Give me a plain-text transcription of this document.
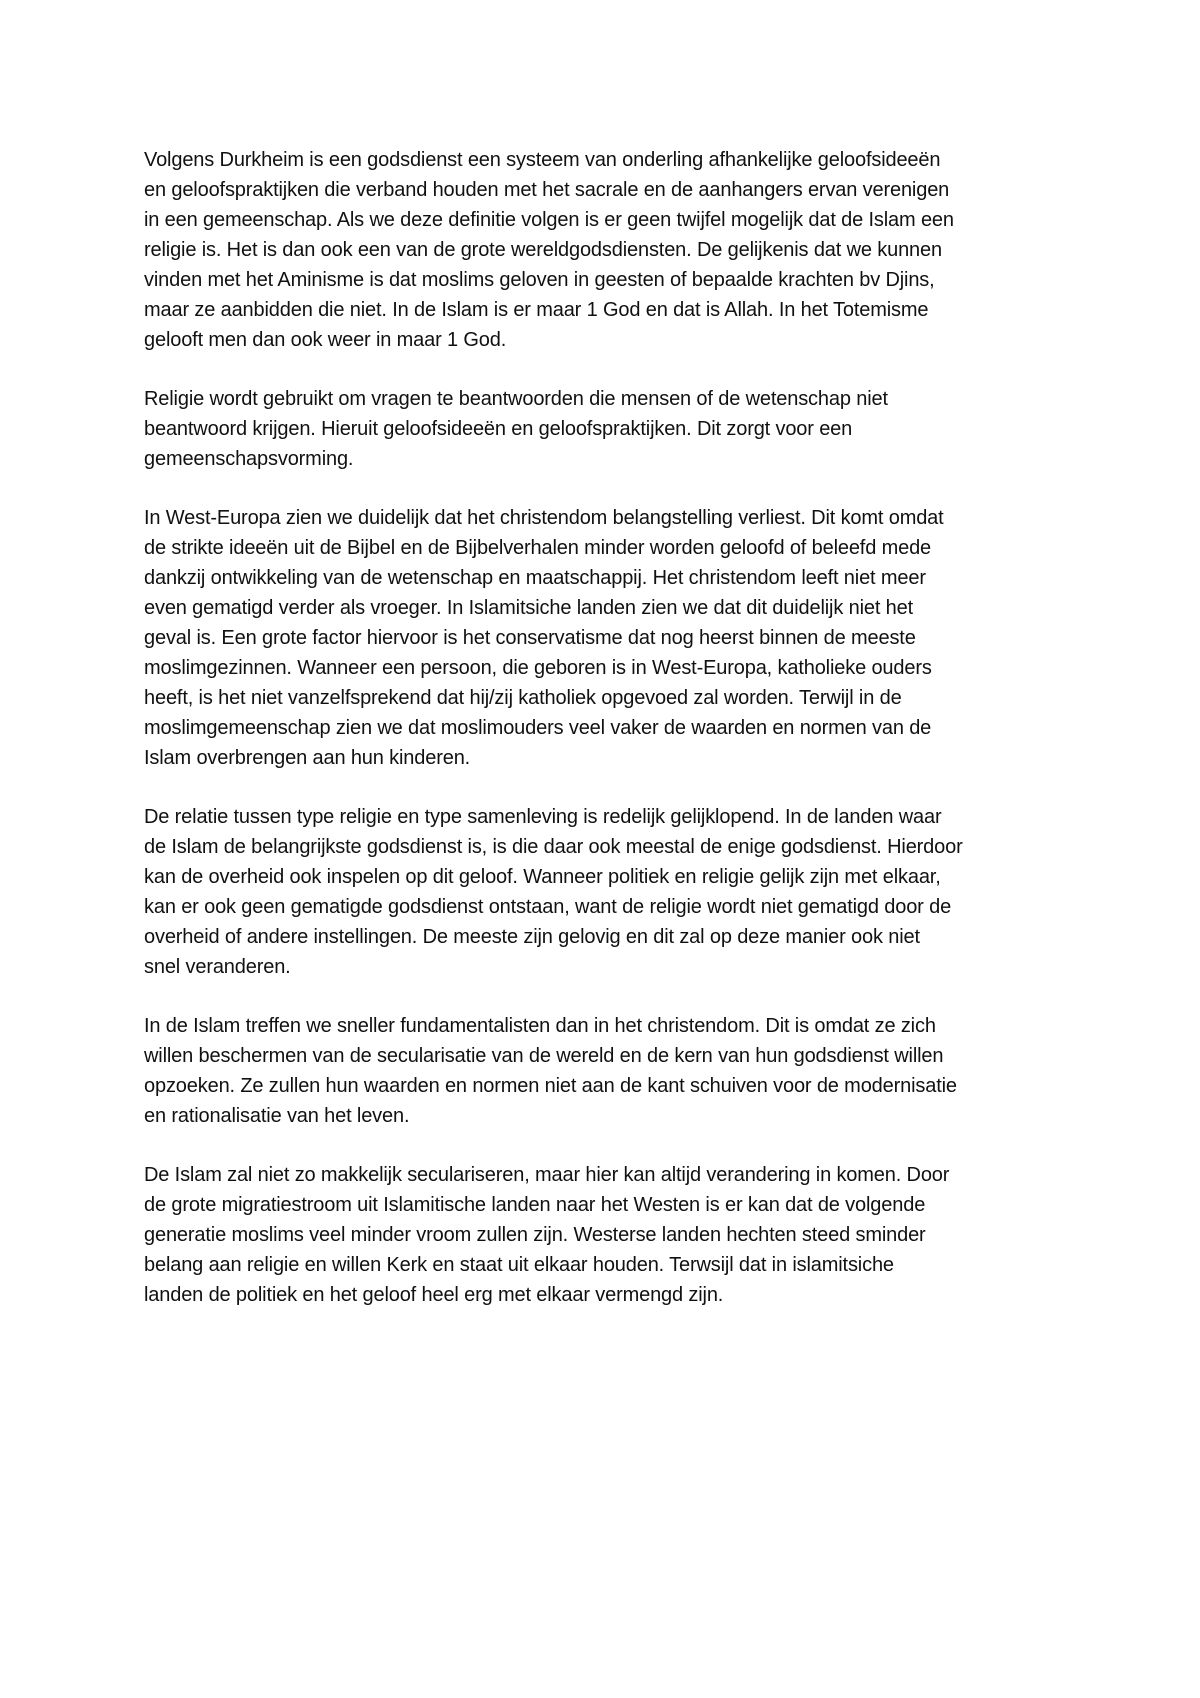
Volgens Durkheim is een godsdienst een systeem van onderling afhankelijke geloofsideeën
en geloofspraktijken die verband houden met het sacrale en de aanhangers ervan verenigen
in een gemeenschap. Als we deze definitie volgen is er geen twijfel mogelijk dat de Islam een
religie is. Het is dan ook een van de grote wereldgodsdiensten. De gelijkenis dat we kunnen
vinden met het Aminisme is dat moslims geloven in geesten of bepaalde krachten bv Djins,
maar ze aanbidden die niet. In de Islam is er maar 1 God en dat is Allah. In het Totemisme
gelooft men dan ook weer in maar 1 God.

Religie wordt gebruikt om vragen te beantwoorden die mensen of de wetenschap niet
beantwoord krijgen. Hieruit geloofsideeën en geloofspraktijken. Dit zorgt voor een
gemeenschapsvorming.

In West-Europa zien we duidelijk dat het christendom belangstelling verliest. Dit komt omdat
de strikte ideeën uit de Bijbel en de Bijbelverhalen minder worden geloofd of beleefd mede
dankzij ontwikkeling van de wetenschap en maatschappij. Het christendom leeft niet meer
even gematigd verder als vroeger. In Islamitsiche landen zien we dat dit duidelijk niet het
geval is. Een grote factor hiervoor is het conservatisme dat nog heerst binnen de meeste
moslimgezinnen. Wanneer een persoon, die geboren is in West-Europa, katholieke ouders
heeft, is het niet vanzelfsprekend dat hij/zij katholiek opgevoed zal worden. Terwijl in de
moslimgemeenschap zien we dat moslimouders veel vaker de waarden en normen van de
Islam overbrengen aan hun kinderen.

De relatie tussen type religie en type samenleving is redelijk gelijklopend. In de landen waar
de Islam de belangrijkste godsdienst is, is die daar ook meestal de enige godsdienst. Hierdoor
kan de overheid ook inspelen op dit geloof. Wanneer politiek en religie gelijk zijn met elkaar,
kan er ook geen gematigde godsdienst ontstaan, want de religie wordt niet gematigd door de
overheid of andere instellingen. De meeste zijn gelovig en dit zal op deze manier ook niet
snel veranderen.

In de Islam treffen we sneller fundamentalisten dan in het christendom. Dit is omdat ze zich
willen beschermen van de secularisatie van de wereld en de kern van hun godsdienst willen
opzoeken. Ze zullen hun waarden en normen niet aan de kant schuiven voor de modernisatie
en rationalisatie van het leven.

De Islam zal niet zo makkelijk seculariseren, maar hier kan altijd verandering in komen. Door
de grote migratiestroom uit Islamitische landen naar het Westen is er kan dat de volgende
generatie moslims veel minder vroom zullen zijn. Westerse landen hechten steed sminder
belang aan religie en willen Kerk en staat uit elkaar houden. Terwsijl dat in islamitsiche
landen de politiek en het geloof heel erg met elkaar vermengd zijn.
